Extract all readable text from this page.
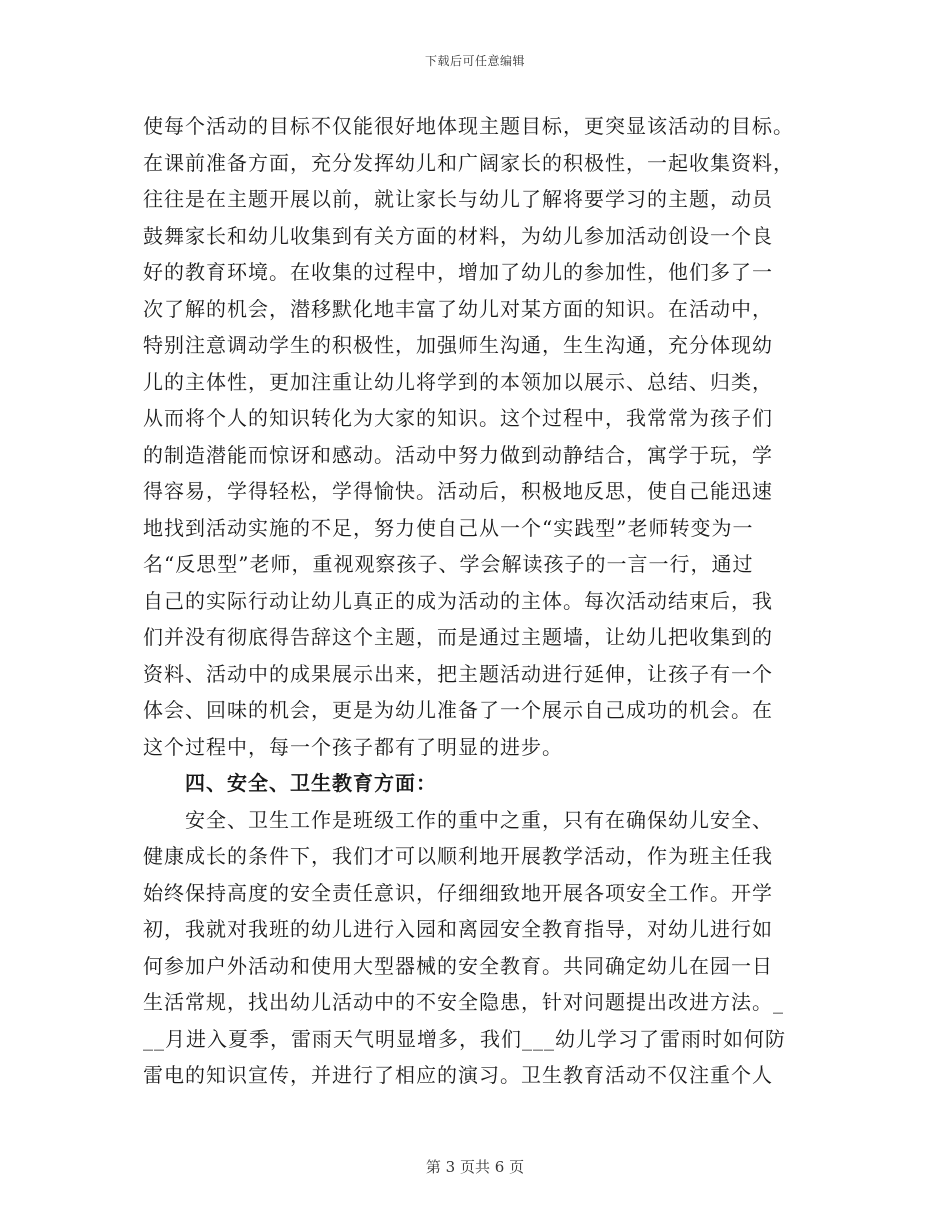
下载后可任意编辑
使每个活动的目标不仅能很好地体现主题目标，更突显该活动的目标。
在课前准备方面，充分发挥幼儿和广阔家长的积极性，一起收集资料，
往往是在主题开展以前，就让家长与幼儿了解将要学习的主题，动员
鼓舞家长和幼儿收集到有关方面的材料，为幼儿参加活动创设一个良
好的教育环境。在收集的过程中，增加了幼儿的参加性，他们多了一
次了解的机会，潜移默化地丰富了幼儿对某方面的知识。在活动中，
特别注意调动学生的积极性，加强师生沟通，生生沟通，充分体现幼
儿的主体性，更加注重让幼儿将学到的本领加以展示、总结、归类，
从而将个人的知识转化为大家的知识。这个过程中，我常常为孩子们
的制造潜能而惊讶和感动。活动中努力做到动静结合，寓学于玩，学
得容易，学得轻松，学得愉快。活动后，积极地反思，使自己能迅速
地找到活动实施的不足，努力使自己从一个“实践型”老师转变为一
名“反思型”老师，重视观察孩子、学会解读孩子的一言一行，通过
自己的实际行动让幼儿真正的成为活动的主体。每次活动结束后，我
们并没有彻底得告辞这个主题，而是通过主题墙，让幼儿把收集到的
资料、活动中的成果展示出来，把主题活动进行延伸，让孩子有一个
体会、回味的机会，更是为幼儿准备了一个展示自己成功的机会。在
这个过程中，每一个孩子都有了明显的进步。
四、安全、卫生教育方面：
安全、卫生工作是班级工作的重中之重，只有在确保幼儿安全、
健康成长的条件下，我们才可以顺利地开展教学活动，作为班主任我
始终保持高度的安全责任意识，仔细细致地开展各项安全工作。开学
初，我就对我班的幼儿进行入园和离园安全教育指导，对幼儿进行如
何参加户外活动和使用大型器械的安全教育。共同确定幼儿在园一日
生活常规，找出幼儿活动中的不安全隐患，针对问题提出改进方法。_
__月进入夏季，雷雨天气明显增多，我们___幼儿学习了雷雨时如何防
雷电的知识宣传，并进行了相应的演习。卫生教育活动不仅注重个人
第 3 页共 6 页
